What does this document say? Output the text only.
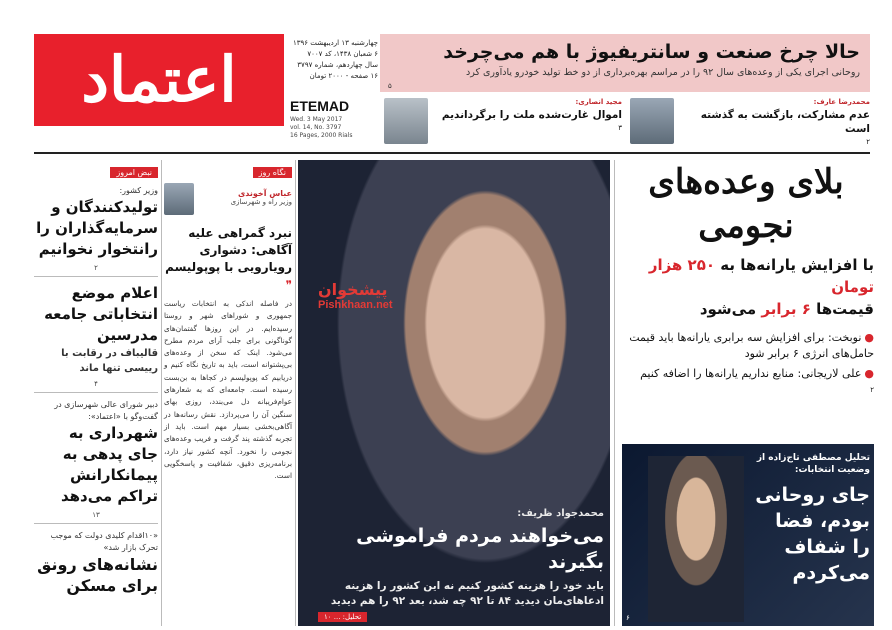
اعتماد	چهارشنبه ۱۳ اردیبهشت ۱۳۹۶
۶ شعبان ۱۴۳۸، کد ۷۰۰۷
سال چهاردهم، شماره ۳۷۹۷
۱۶ صفحه - ۲۰۰۰ تومان
ETEMAD
Wed. 3 May 2017
vol. 14, No. 3797
16 Pages, 2000 Rials
حالا چرخ صنعت و سانتریفیوژ با هم می‌چرخد
روحانی اجرای یکی از وعده‌های سال ۹۲ را در مراسم بهره‌برداری از دو خط تولید خودرو یادآوری کرد
۵
محمدرضا عارف:
عدم مشارکت، بازگشت به گذشته است
۲
مجید انصاری:
اموال غارت‌شده ملت را برگرداندیم
۳
بلای وعده‌های نجومی
با افزایش یارانه‌ها به ۲۵۰ هزار تومان
قیمت‌ها ۶ برابر می‌شود
●نوبخت: برای افزایش سه برابری یارانه‌ها باید قیمت حامل‌های انرژی ۶ برابر شود
●علی لاریجانی: منابع نداریم یارانه‌ها را اضافه کنیم
۲
تحلیل مصطفی تاج‌زاده از وضعیت انتخابات:
جای روحانی بودم، فضا را شفاف می‌کردم
۶
پیشخوان
Pishkhaan.net
محمدجواد ظریف:
می‌خواهند مردم فراموشی بگیرند
باید خود را هزینه کشور کنیم نه این کشور را هزینه ادعاهای‌مان دیدید ۸۴ تا ۹۲ چه شد، بعد ۹۲ را هم دیدید
تحلیل: ... ۱۰
نگاه روز
عباس آخوندی
وزیر راه و شهرسازی
نبرد گمراهی علیه آگاهی: دشواری رویارویی با پوپولیسم
❞
در فاصله اندکی به انتخابات ریاست جمهوری و شوراهای شهر و روستا رسیده‌ایم. در این روزها گفتمان‌های گوناگونی برای جلب آرای مردم مطرح می‌شود. اینک که سخن از وعده‌های بی‌پشتوانه است، باید به تاریخ نگاه کنیم و دریابیم که پوپولیسم در کجاها به بن‌بست رسیده است. جامعه‌ای که به شعارهای عوام‌فریبانه دل می‌بندد، روزی بهای سنگین آن را می‌پردازد. نقش رسانه‌ها در آگاهی‌بخشی بسیار مهم است. باید از تجربه گذشته پند گرفت و فریب وعده‌های نجومی را نخورد. آنچه کشور نیاز دارد، برنامه‌ریزی دقیق، شفافیت و پاسخگویی است.
نبض امروز
وزیر کشور:
تولیدکنندگان و سرمایه‌گذاران را رانتخوار نخوانیم
۲
اعلام موضع انتخاباتی جامعه مدرسین
قالیباف در رقابت با رییسی تنها ماند
۴
دبیر شورای عالی شهرسازی در گفت‌وگو با «اعتماد»:
شهرداری به جای پدهی به پیمانکارانش تراکم می‌دهد
۱۳
«۱۰اقدام کلیدی دولت که موجب تحرک بازار شد»
نشانه‌های رونق برای مسکن
